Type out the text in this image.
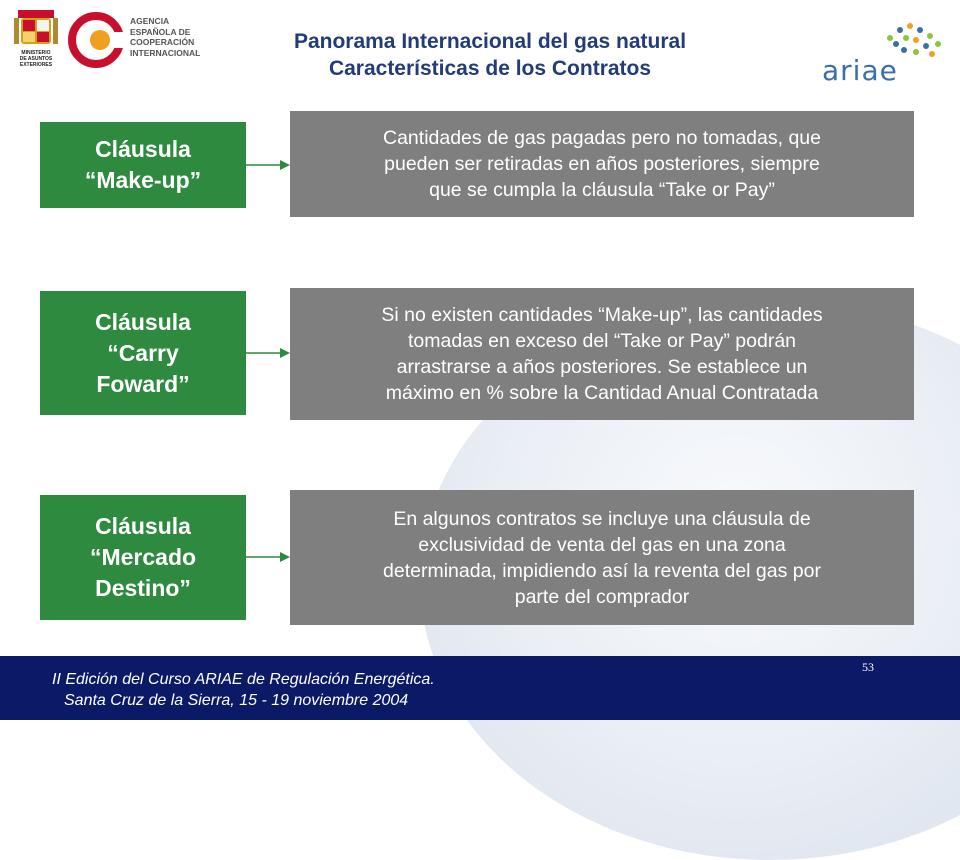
MINISTERIO
DE ASUNTOS
EXTERIORES
AGENCIA
ESPAÑOLA DE
COOPERACIÓN
INTERNACIONAL	Panorama Internacional del gas natural
Características de los Contratos	ariae
Cláusula
“Make-up”
Cantidades de gas pagadas pero no tomadas, que
pueden ser retiradas en años posteriores, siempre
que se cumpla la cláusula “Take or Pay”
Cláusula
“Carry
Foward”
Si no existen cantidades “Make-up”, las cantidades
tomadas en exceso del “Take or Pay” podrán
arrastrarse a años posteriores. Se establece un
máximo en % sobre la Cantidad Anual Contratada
Cláusula
“Mercado
Destino”
En algunos contratos se incluye una cláusula de
exclusividad de venta del gas en una zona
determinada, impidiendo así la reventa del gas por
parte del comprador
53
II Edición del Curso ARIAE de Regulación Energética.
Santa Cruz de la Sierra, 15 - 19 noviembre 2004
